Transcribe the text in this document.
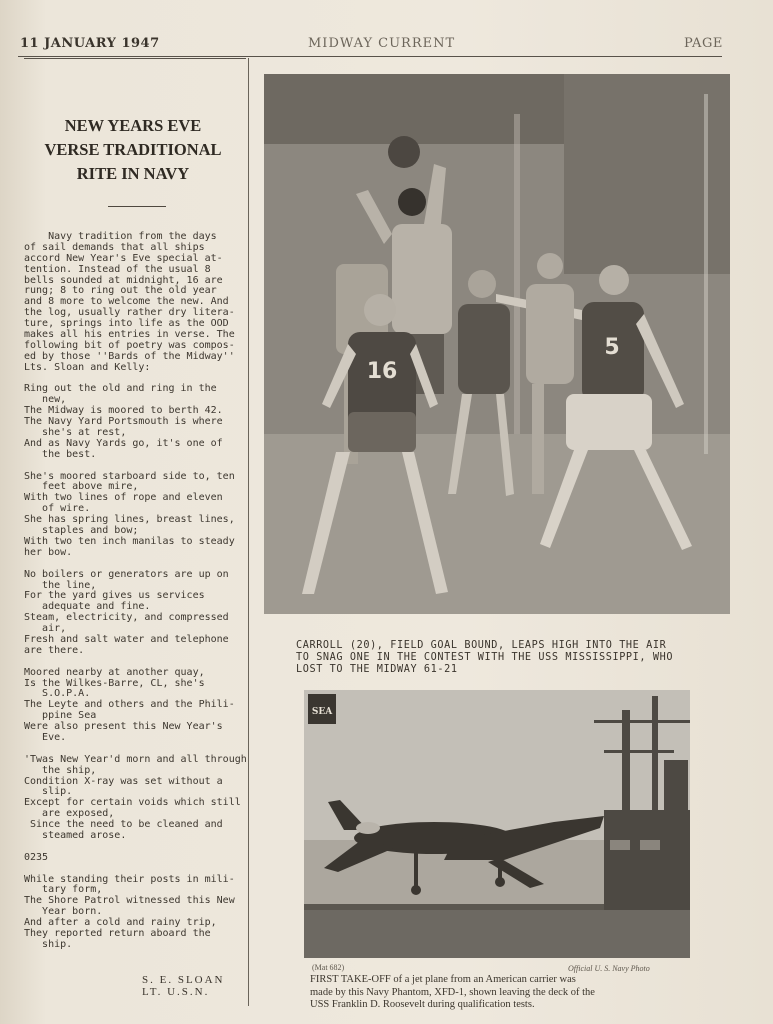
11 JANUARY 1947	MIDWAY CURRENT	PAGE
NEW YEARS EVE
VERSE TRADITIONAL
RITE IN NAVY
Navy tradition from the days
of sail demands that all ships
accord New Year's Eve special at-
tention. Instead of the usual 8
bells sounded at midnight, 16 are
rung; 8 to ring out the old year
and 8 more to welcome the new. And
the log, usually rather dry litera-
ture, springs into life as the OOD
makes all his entries in verse. The
following bit of poetry was compos-
ed by those ''Bards of the Midway''
Lts. Sloan and Kelly:
Ring out the old and ring in the
new,
The Midway is moored to berth 42.
The Navy Yard Portsmouth is where
she's at rest,
And as Navy Yards go, it's one of
the best.
She's moored starboard side to, ten
feet above mire,
With two lines of rope and eleven
of wire.
She has spring lines, breast lines,
staples and bow;
With two ten inch manilas to steady
her bow.
No boilers or generators are up on
the line,
For the yard gives us services
adequate and fine.
Steam, electricity, and compressed
air,
Fresh and salt water and telephone
are there.
Moored nearby at another quay,
Is the Wilkes-Barre, CL, she's
S.O.P.A.
The Leyte and others and the Phili-
ppine Sea
Were also present this New Year's
Eve.
'Twas New Year'd morn and all through
the ship,
Condition X-ray was set without a
slip.
Except for certain voids which still
are exposed,
Since the need to be cleaned and
steamed arose.
0235
While standing their posts in mili-
tary form,
The Shore Patrol witnessed this New
Year born.
And after a cold and rainy trip,
They reported return aboard the
ship.
S. E. SLOAN
LT. U.S.N.
16
5
CARROLL (20), FIELD GOAL BOUND, LEAPS HIGH INTO THE AIR
TO SNAG ONE IN THE CONTEST WITH THE USS MISSISSIPPI, WHO
LOST TO THE MIDWAY 61-21
SEA
(Mat 682)	Official U. S. Navy Photo
FIRST TAKE-OFF of a jet plane from an American carrier was
made by this Navy Phantom, XFD-1, shown leaving the deck of the
USS Franklin D. Roosevelt during qualification tests.
